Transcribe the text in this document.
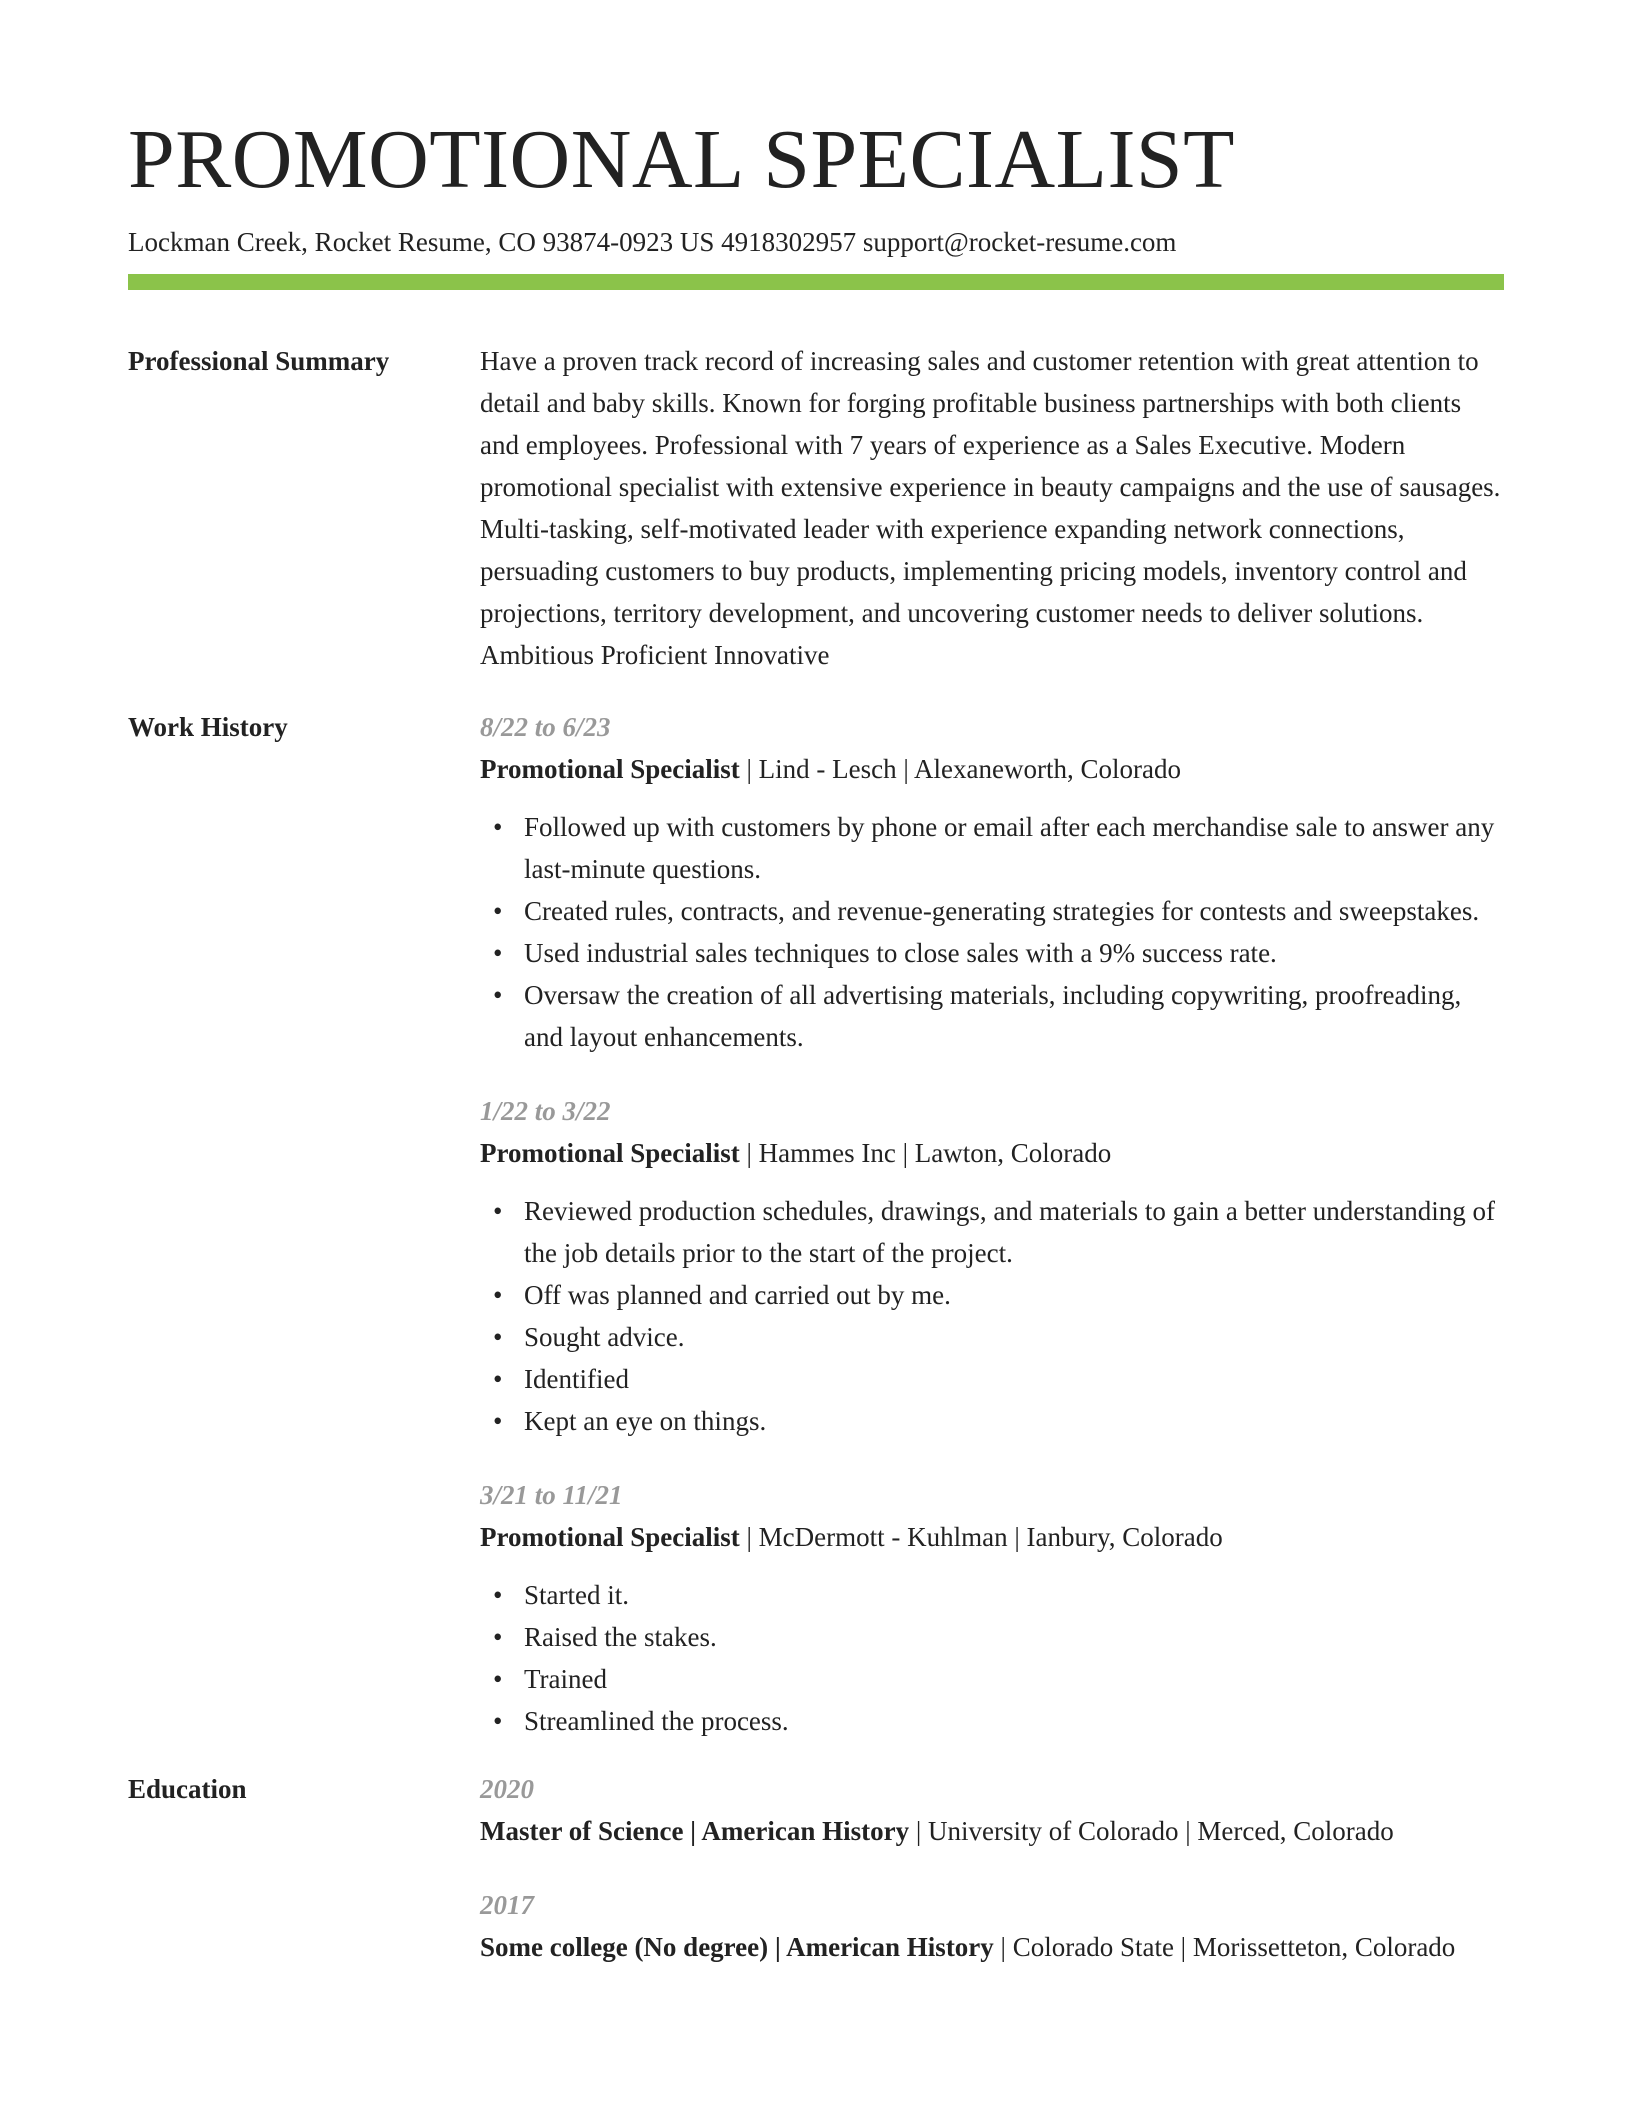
PROMOTIONAL SPECIALIST
Lockman Creek, Rocket Resume, CO 93874-0923 US 4918302957 support@rocket-resume.com
Professional Summary	Have a proven track record of increasing sales and customer retention with great attention to detail and baby skills. Known for forging profitable business partnerships with both clients and employees. Professional with 7 years of experience as a Sales Executive. Modern promotional specialist with extensive experience in beauty campaigns and the use of sausages. Multi-tasking, self-motivated leader with experience expanding network connections, persuading customers to buy products, implementing pricing models, inventory control and projections, territory development, and uncovering customer needs to deliver solutions. Ambitious Proficient Innovative
Work History	8/22 to 6/23
Promotional Specialist | Lind - Lesch | Alexaneworth, Colorado
• Followed up with customers by phone or email after each merchandise sale to answer any last-minute questions.
• Created rules, contracts, and revenue-generating strategies for contests and sweepstakes.
• Used industrial sales techniques to close sales with a 9% success rate.
• Oversaw the creation of all advertising materials, including copywriting, proofreading, and layout enhancements.
1/22 to 3/22
Promotional Specialist | Hammes Inc | Lawton, Colorado
• Reviewed production schedules, drawings, and materials to gain a better understanding of the job details prior to the start of the project.
• Off was planned and carried out by me.
• Sought advice.
• Identified
• Kept an eye on things.
3/21 to 11/21
Promotional Specialist | McDermott - Kuhlman | Ianbury, Colorado
• Started it.
• Raised the stakes.
• Trained
• Streamlined the process.
Education	2020
Master of Science | American History | University of Colorado | Merced, Colorado
2017
Some college (No degree) | American History | Colorado State | Morissetteton, Colorado
